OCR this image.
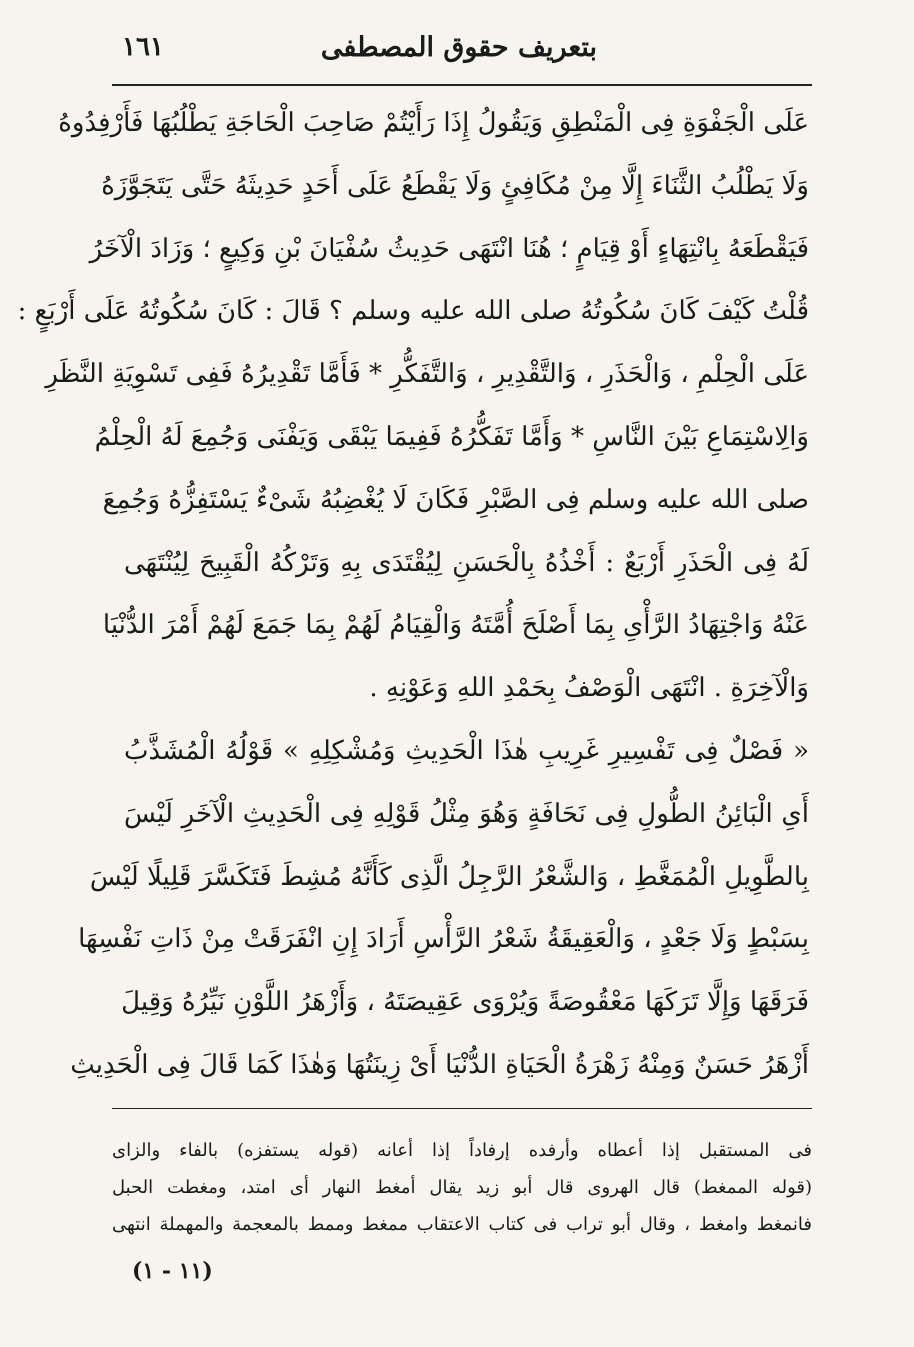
بتعريف حقوق المصطفى
١٦١
عَلَى الْجَفْوَةِ فِى الْمَنْطِقِ وَيَقُولُ إِذَا رَأَيْتُمْ صَاحِبَ الْحَاجَةِ يَطْلُبُهَا فَأَرْفِدُوهُ
وَلَا يَطْلُبُ الثَّنَاءَ إِلَّا مِنْ مُكَافِئٍ وَلَا يَقْطَعُ عَلَى أَحَدٍ حَدِيثَهُ حَتَّى يَتَجَوَّزَهُ
فَيَقْطَعَهُ بِانْتِهَاءٍ أَوْ قِيَامٍ ؛ هُنَا انْتَهَى حَدِيثُ سُفْيَانَ بْنِ وَكِيعٍ ؛ وَزَادَ الْآخَرُ
قُلْتُ كَيْفَ كَانَ سُكُوتُهُ صلى الله عليه وسلم ؟ قَالَ : كَانَ سُكُوتُهُ عَلَى أَرْبَعٍ :
عَلَى الْحِلْمِ ، وَالْحَذَرِ ، وَالتَّقْدِيرِ ، وَالتَّفَكُّرِ * فَأَمَّا تَقْدِيرُهُ فَفِى تَسْوِيَةِ النَّظَرِ
وَالِاسْتِمَاعِ بَيْنَ النَّاسِ * وَأَمَّا تَفَكُّرُهُ فَفِيمَا يَبْقَى وَيَفْنَى وَجُمِعَ لَهُ الْحِلْمُ
صلى الله عليه وسلم فِى الصَّبْرِ فَكَانَ لَا يُغْضِبُهُ شَىْءٌ يَسْتَفِزُّهُ وَجُمِعَ
لَهُ فِى الْحَذَرِ أَرْبَعٌ : أَخْذُهُ بِالْحَسَنِ لِيُقْتَدَى بِهِ وَتَرْكُهُ الْقَبِيحَ لِيُنْتَهَى
عَنْهُ وَاجْتِهَادُ الرَّأْىِ بِمَا أَصْلَحَ أُمَّتَهُ وَالْقِيَامُ لَهُمْ بِمَا جَمَعَ لَهُمْ أَمْرَ الدُّنْيَا
وَالْآخِرَةِ . انْتَهَى الْوَصْفُ بِحَمْدِ اللهِ وَعَوْنِهِ .
« فَصْلٌ فِى تَفْسِيرِ غَرِيبِ هٰذَا الْحَدِيثِ وَمُشْكِلِهِ » قَوْلُهُ الْمُشَذَّبُ
أَىِ الْبَائِنُ الطُّولِ فِى نَحَافَةٍ وَهُوَ مِثْلُ قَوْلِهِ فِى الْحَدِيثِ الْآخَرِ لَيْسَ
بِالطَّوِيلِ الْمُمَغَّطِ ، وَالشَّعْرُ الرَّجِلُ الَّذِى كَأَنَّهُ مُشِطَ فَتَكَسَّرَ قَلِيلًا لَيْسَ
بِسَبْطٍ وَلَا جَعْدٍ ، وَالْعَقِيقَةُ شَعْرُ الرَّأْسِ أَرَادَ إِنِ انْفَرَقَتْ مِنْ ذَاتِ نَفْسِهَا
فَرَقَهَا وَإِلَّا تَرَكَهَا مَعْقُوصَةً وَيُرْوَى عَقِيصَتَهُ ، وَأَزْهَرُ اللَّوْنِ نَيِّرُهُ وَقِيلَ
أَزْهَرُ حَسَنٌ وَمِنْهُ زَهْرَةُ الْحَيَاةِ الدُّنْيَا أَىْ زِينَتُهَا وَهٰذَا كَمَا قَالَ فِى الْحَدِيثِ
فى المستقبل إذا أعطاه وأرفده إرفاداً إذا أعانه (قوله يستفزه) بالفاء والزاى
(قوله الممغط) قال الهروى قال أبو زيد يقال أمغط النهار أى امتد، ومغطت الحبل
فانمغط وامغط ، وقال أبو تراب فى كتاب الاعتقاب ممغط وممط بالمعجمة والمهملة انتهى
(١١ - ١)
